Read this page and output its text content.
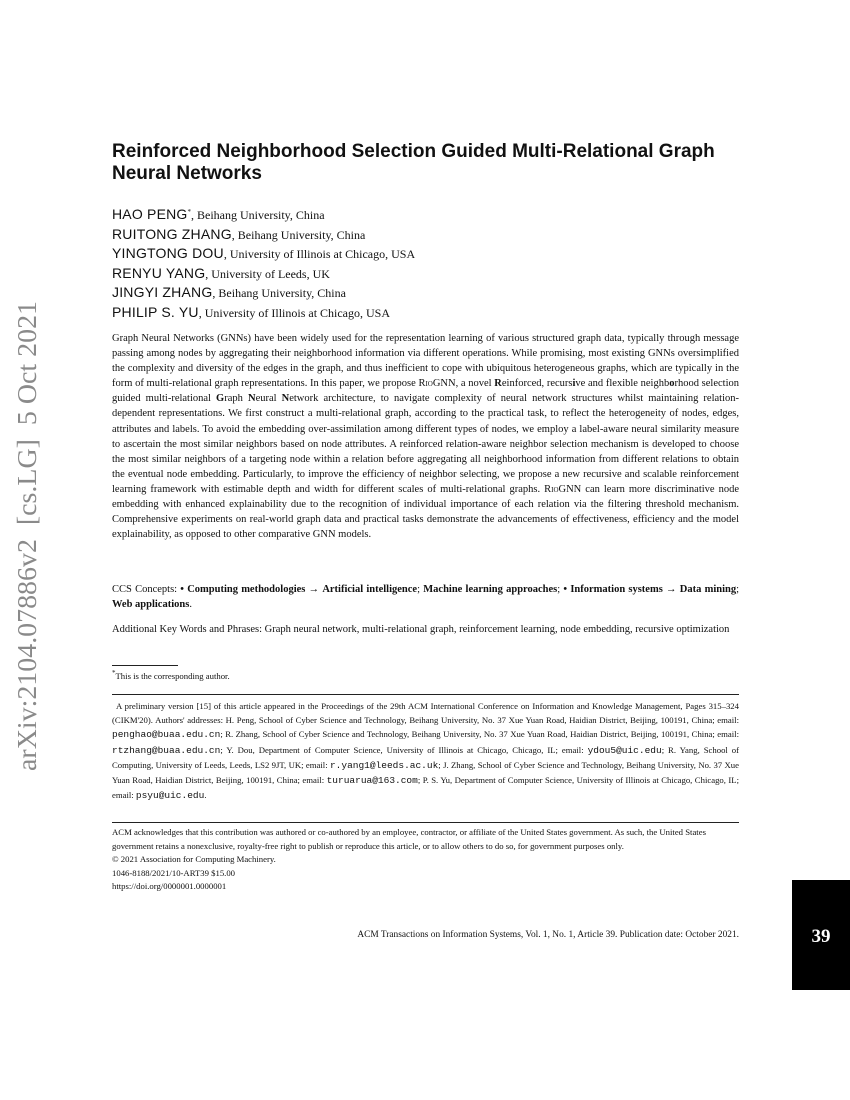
arXiv:2104.07886v2  [cs.LG]  5 Oct 2021
Reinforced Neighborhood Selection Guided Multi-Relational Graph Neural Networks
HAO PENG*, Beihang University, China
RUITONG ZHANG, Beihang University, China
YINGTONG DOU, University of Illinois at Chicago, USA
RENYU YANG, University of Leeds, UK
JINGYI ZHANG, Beihang University, China
PHILIP S. YU, University of Illinois at Chicago, USA

Graph Neural Networks (GNNs) have been widely used for the representation learning of various structured graph data, typically through message passing among nodes by aggregating their neighborhood information via different operations. While promising, most existing GNNs oversimplified the complexity and diversity of the edges in the graph, and thus inefficient to cope with ubiquitous heterogeneous graphs, which are typically in the form of multi-relational graph representations. In this paper, we propose RioGNN, a novel Reinforced, recursive and flexible neighborhood selection guided multi-relational Graph Neural Network architecture, to navigate complexity of neural network structures whilst maintaining relation-dependent representations. We first construct a multi-relational graph, according to the practical task, to reflect the heterogeneity of nodes, edges, attributes and labels. To avoid the embedding over-assimilation among different types of nodes, we employ a label-aware neural similarity measure to ascertain the most similar neighbors based on node attributes. A reinforced relation-aware neighbor selection mechanism is developed to choose the most similar neighbors of a targeting node within a relation before aggregating all neighborhood information from different relations to obtain the eventual node embedding. Particularly, to improve the efficiency of neighbor selecting, we propose a new recursive and scalable reinforcement learning framework with estimable depth and width for different scales of multi-relational graphs. RioGNN can learn more discriminative node embedding with enhanced explainability due to the recognition of individual importance of each relation via the filtering threshold mechanism. Comprehensive experiments on real-world graph data and practical tasks demonstrate the advancements of effectiveness, efficiency and the model explainability, as opposed to other comparative GNN models.

CCS Concepts: • Computing methodologies → Artificial intelligence; Machine learning approaches; • Information systems → Data mining; Web applications.

Additional Key Words and Phrases: Graph neural network, multi-relational graph, reinforcement learning, node embedding, recursive optimization

*This is the corresponding author.

A preliminary version [15] of this article appeared in the Proceedings of the 29th ACM International Conference on Information and Knowledge Management, Pages 315–324 (CIKM'20). Authors' addresses: H. Peng, School of Cyber Science and Technology, Beihang University, No. 37 Xue Yuan Road, Haidian District, Beijing, 100191, China; email: penghao@buaa.edu.cn; R. Zhang, School of Cyber Science and Technology, Beihang University, No. 37 Xue Yuan Road, Haidian District, Beijing, 100191, China; email: rtzhang@buaa.edu.cn; Y. Dou, Department of Computer Science, University of Illinois at Chicago, Chicago, IL; email: ydou5@uic.edu; R. Yang, School of Computing, University of Leeds, Leeds, LS2 9JT, UK; email: r.yang1@leeds.ac.uk; J. Zhang, School of Cyber Science and Technology, Beihang University, No. 37 Xue Yuan Road, Haidian District, Beijing, 100191, China; email: turuarua@163.com; P. S. Yu, Department of Computer Science, University of Illinois at Chicago, Chicago, IL; email: psyu@uic.edu.

ACM acknowledges that this contribution was authored or co-authored by an employee, contractor, or affiliate of the United States government. As such, the United States government retains a nonexclusive, royalty-free right to publish or reproduce this article, or to allow others to do so, for government purposes only.

© 2021 Association for Computing Machinery.
1046-8188/2021/10-ART39 $15.00
https://doi.org/0000001.0000001

ACM Transactions on Information Systems, Vol. 1, No. 1, Article 39. Publication date: October 2021.	39
